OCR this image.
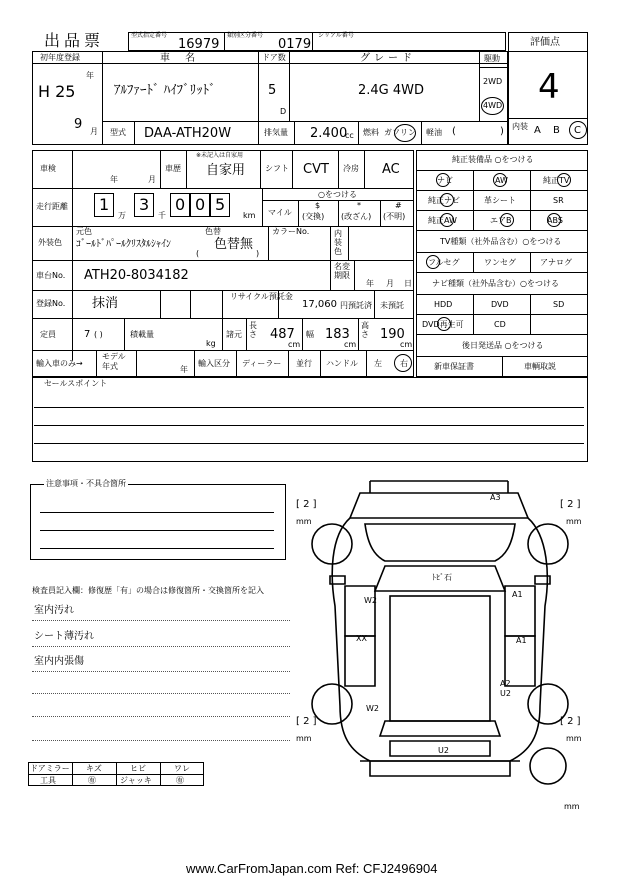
出品票	型式指定番号
16979
類別区分番号
0179
シリアル番号
評価点
4
内装 A B C
初年度登録
年
H 25
9 月
車 名
ｱﾙﾌｧｰﾄﾞ ﾊｲﾌﾞﾘｯﾄﾞ
ドア数
5
D
グレード
2.4G 4WD
駆動
2WD
4WD
型式 DAA-ATH20W	排気量 2.400
cc 燃料 ガソリン 軽油 (	)
車検
年	月
車歴
※未記入は自家用
自家用 シフト CVT 冷房 AC
走行距離 1
万
3
千
0 0 5
km
○をつける
マイル
$
(交換)
*
(改ざん)
#
(不明)
外装色
元色
ｺﾞｰﾙﾄﾞﾊﾟｰﾙｸﾘｽﾀﾙｼｬｲﾝ
色替
色替無
(	)
カラーNo.	内装色
車台No. ATH20-8034182
名変期限
年 月 日
登録No. 抹消	リサイクル預託金
17,060 円預託済 未預託
定員	7 ( )	積載量
kg
諸元
長さ 487
cm
幅 183
cm
高さ 190
cm
輸入車のみ→
モデル年式	年
輸入区分 ディーラー 並行 ハンドル 左 右
純正装備品 ○をつける
ナビ	AW	純正TV
純正ナビ	革シート	SR
純正AW	エアB	ABS
TV種類（社外品含む）○をつける
フルセグ	ワンセグ	アナログ
ナビ種類（社外品含む）○をつける
HDD	DVD	SD
DVD再生可	CD
後日発送品 ○をつける
新車保証書	車輌取説
セールスポイント
注意事項・不具合箇所
検査員記入欄：修復歴「有」の場合は修復箇所・交換箇所を記入
室内汚れ
シート薄汚れ
室内内張傷
ドアミラー キズ	ヒビ	ワレ
工具	㊒	ジャッキ	㊒
A3
ﾄﾋﾞ石
W2
A1
XX	A1
A2
U2
W2
U2
[ 2 ]
mm
[ 2 ]
mm
[ 2 ]
mm
[ 2 ]
mm
mm
www.CarFromJapan.com Ref: CFJ2496904
